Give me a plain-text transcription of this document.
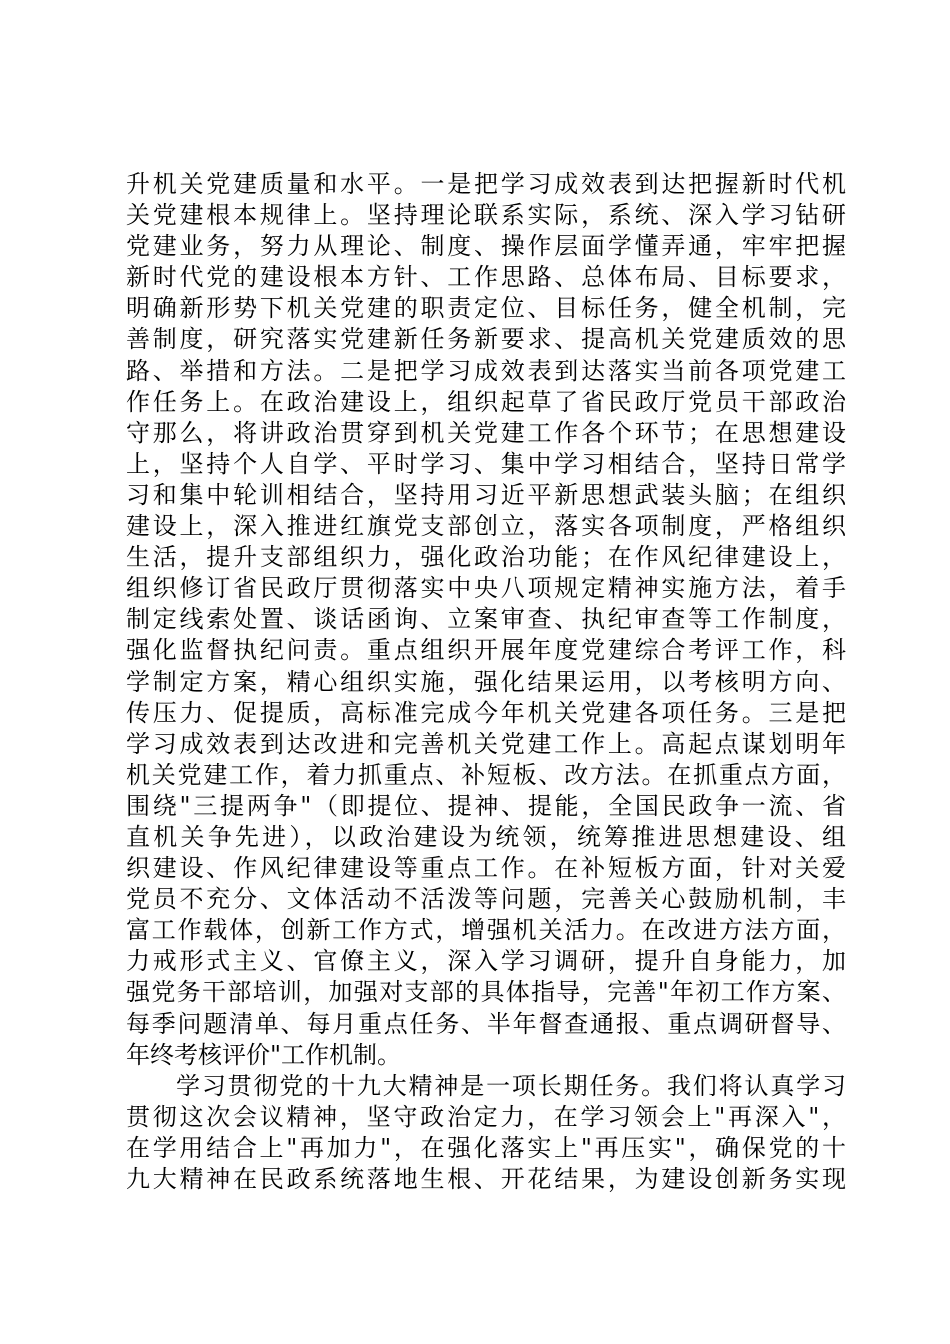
升机关党建质量和水平。一是把学习成效表到达把握新时代机
关党建根本规律上。坚持理论联系实际，系统、深入学习钻研
党建业务，努力从理论、制度、操作层面学懂弄通，牢牢把握
新时代党的建设根本方针、工作思路、总体布局、目标要求，
明确新形势下机关党建的职责定位、目标任务，健全机制，完
善制度，研究落实党建新任务新要求、提高机关党建质效的思
路、举措和方法。二是把学习成效表到达落实当前各项党建工
作任务上。在政治建设上，组织起草了省民政厅党员干部政治
守那么，将讲政治贯穿到机关党建工作各个环节；在思想建设
上，坚持个人自学、平时学习、集中学习相结合，坚持日常学
习和集中轮训相结合，坚持用习近平新思想武装头脑；在组织
建设上，深入推进红旗党支部创立，落实各项制度，严格组织
生活，提升支部组织力，强化政治功能；在作风纪律建设上，
组织修订省民政厅贯彻落实中央八项规定精神实施方法，着手
制定线索处置、谈话函询、立案审查、执纪审查等工作制度，
强化监督执纪问责。重点组织开展年度党建综合考评工作，科
学制定方案，精心组织实施，强化结果运用，以考核明方向、
传压力、促提质，高标准完成今年机关党建各项任务。三是把
学习成效表到达改进和完善机关党建工作上。高起点谋划明年
机关党建工作，着力抓重点、补短板、改方法。在抓重点方面，
围绕"三提两争"（即提位、提神、提能，全国民政争一流、省
直机关争先进），以政治建设为统领，统筹推进思想建设、组
织建设、作风纪律建设等重点工作。在补短板方面，针对关爱
党员不充分、文体活动不活泼等问题，完善关心鼓励机制，丰
富工作载体，创新工作方式，增强机关活力。在改进方法方面，
力戒形式主义、官僚主义，深入学习调研，提升自身能力，加
强党务干部培训，加强对支部的具体指导，完善"年初工作方案、
每季问题清单、每月重点任务、半年督查通报、重点调研督导、
年终考核评价"工作机制。
学习贯彻党的十九大精神是一项长期任务。我们将认真学习
贯彻这次会议精神，坚守政治定力，在学习领会上"再深入"，
在学用结合上"再加力"，在强化落实上"再压实"，确保党的十
九大精神在民政系统落地生根、开花结果，为建设创新务实现
